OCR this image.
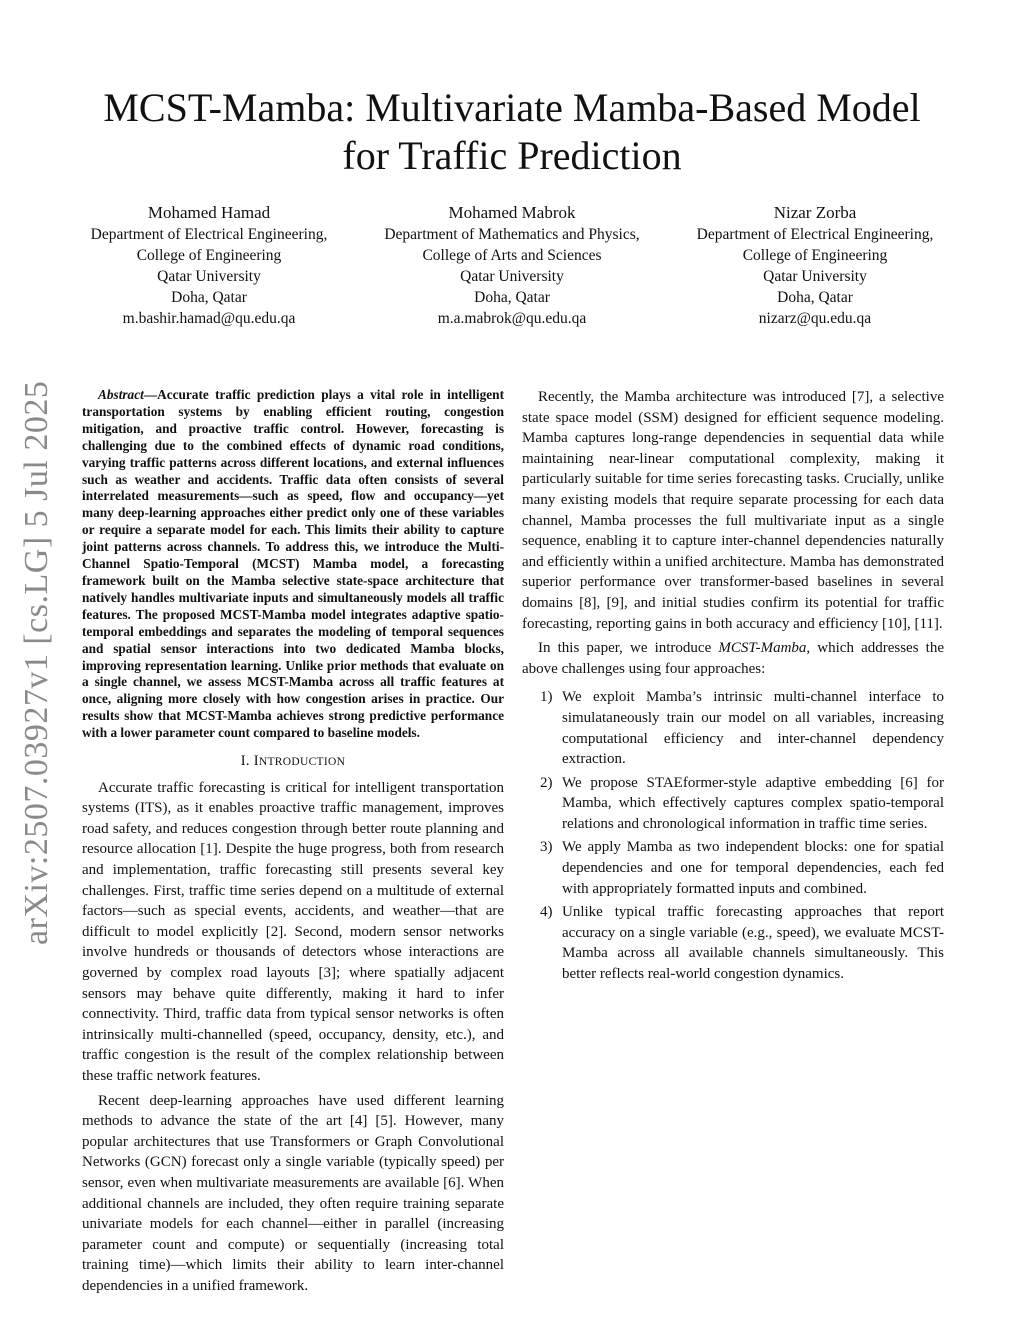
arXiv:2507.03927v1 [cs.LG] 5 Jul 2025
MCST-Mamba: Multivariate Mamba-Based Model
for Traffic Prediction
Mohamed Hamad
Department of Electrical Engineering,
College of Engineering
Qatar University
Doha, Qatar
m.bashir.hamad@qu.edu.qa
Mohamed Mabrok
Department of Mathematics and Physics,
College of Arts and Sciences
Qatar University
Doha, Qatar
m.a.mabrok@qu.edu.qa
Nizar Zorba
Department of Electrical Engineering,
College of Engineering
Qatar University
Doha, Qatar
nizarz@qu.edu.qa

Abstract—Accurate traffic prediction plays a vital role in intelligent transportation systems by enabling efficient routing, congestion mitigation, and proactive traffic control. However, forecasting is challenging due to the combined effects of dynamic road conditions, varying traffic patterns across different locations, and external influences such as weather and accidents. Traffic data often consists of several interrelated measurements—such as speed, flow and occupancy—yet many deep-learning approaches either predict only one of these variables or require a separate model for each. This limits their ability to capture joint patterns across channels. To address this, we introduce the Multi-Channel Spatio-Temporal (MCST) Mamba model, a forecasting framework built on the Mamba selective state-space architecture that natively handles multivariate inputs and simultaneously models all traffic features. The proposed MCST-Mamba model integrates adaptive spatio-temporal embeddings and separates the modeling of temporal sequences and spatial sensor interactions into two dedicated Mamba blocks, improving representation learning. Unlike prior methods that evaluate on a single channel, we assess MCST-Mamba across all traffic features at once, aligning more closely with how congestion arises in practice. Our results show that MCST-Mamba achieves strong predictive performance with a lower parameter count compared to baseline models.

I. INTRODUCTION

Accurate traffic forecasting is critical for intelligent transportation systems (ITS), as it enables proactive traffic management, improves road safety, and reduces congestion through better route planning and resource allocation [1]. Despite the huge progress, both from research and implementation, traffic forecasting still presents several key challenges. First, traffic time series depend on a multitude of external factors—such as special events, accidents, and weather—that are difficult to model explicitly [2]. Second, modern sensor networks involve hundreds or thousands of detectors whose interactions are governed by complex road layouts [3]; where spatially adjacent sensors may behave quite differently, making it hard to infer connectivity. Third, traffic data from typical sensor networks is often intrinsically multi-channelled (speed, occupancy, density, etc.), and traffic congestion is the result of the complex relationship between these traffic network features.

Recent deep-learning approaches have used different learning methods to advance the state of the art [4] [5]. However, many popular architectures that use Transformers or Graph Convolutional Networks (GCN) forecast only a single variable (typically speed) per sensor, even when multivariate measurements are available [6]. When additional channels are included, they often require training separate univariate models for each channel—either in parallel (increasing parameter count and compute) or sequentially (increasing total training time)—which limits their ability to learn inter-channel dependencies in a unified framework.

Recently, the Mamba architecture was introduced [7], a selective state space model (SSM) designed for efficient sequence modeling. Mamba captures long-range dependencies in sequential data while maintaining near-linear computational complexity, making it particularly suitable for time series forecasting tasks. Crucially, unlike many existing models that require separate processing for each data channel, Mamba processes the full multivariate input as a single sequence, enabling it to capture inter-channel dependencies naturally and efficiently within a unified architecture. Mamba has demonstrated superior performance over transformer-based baselines in several domains [8], [9], and initial studies confirm its potential for traffic forecasting, reporting gains in both accuracy and efficiency [10], [11].

In this paper, we introduce MCST-Mamba, which addresses the above challenges using four approaches:

1) We exploit Mamba’s intrinsic multi-channel interface to simulataneously train our model on all variables, increasing computational efficiency and inter-channel dependency extraction.
2) We propose STAEformer-style adaptive embedding [6] for Mamba, which effectively captures complex spatio-temporal relations and chronological information in traffic time series.
3) We apply Mamba as two independent blocks: one for spatial dependencies and one for temporal dependencies, each fed with appropriately formatted inputs and combined.
4) Unlike typical traffic forecasting approaches that report accuracy on a single variable (e.g., speed), we evaluate MCST-Mamba across all available channels simultaneously. This better reflects real-world congestion dynamics.
